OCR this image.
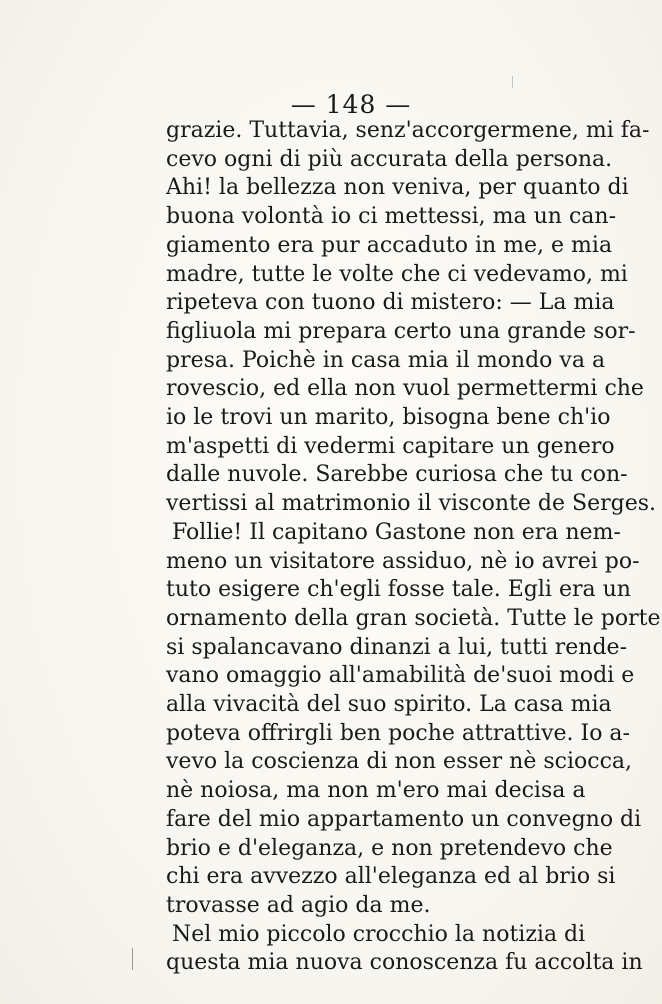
— 148 —
grazie. Tuttavia, senz'accorgermene, mi fa-
cevo ogni di più accurata della persona.
Ahi! la bellezza non veniva, per quanto di
buona volontà io ci mettessi, ma un can-
giamento era pur accaduto in me, e mia
madre, tutte le volte che ci vedevamo, mi
ripeteva con tuono di mistero: — La mia
figliuola mi prepara certo una grande sor-
presa. Poichè in casa mia il mondo va a
rovescio, ed ella non vuol permettermi che
io le trovi un marito, bisogna bene ch'io
m'aspetti di vedermi capitare un genero
dalle nuvole. Sarebbe curiosa che tu con-
vertissi al matrimonio il visconte de Serges.
Follie! Il capitano Gastone non era nem-
meno un visitatore assiduo, nè io avrei po-
tuto esigere ch'egli fosse tale. Egli era un
ornamento della gran società. Tutte le porte
si spalancavano dinanzi a lui, tutti rende-
vano omaggio all'amabilità de'suoi modi e
alla vivacità del suo spirito. La casa mia
poteva offrirgli ben poche attrattive. Io a-
vevo la coscienza di non esser nè sciocca,
nè noiosa, ma non m'ero mai decisa a
fare del mio appartamento un convegno di
brio e d'eleganza, e non pretendevo che
chi era avvezzo all'eleganza ed al brio si
trovasse ad agio da me.
Nel mio piccolo crocchio la notizia di
questa mia nuova conoscenza fu accolta in
